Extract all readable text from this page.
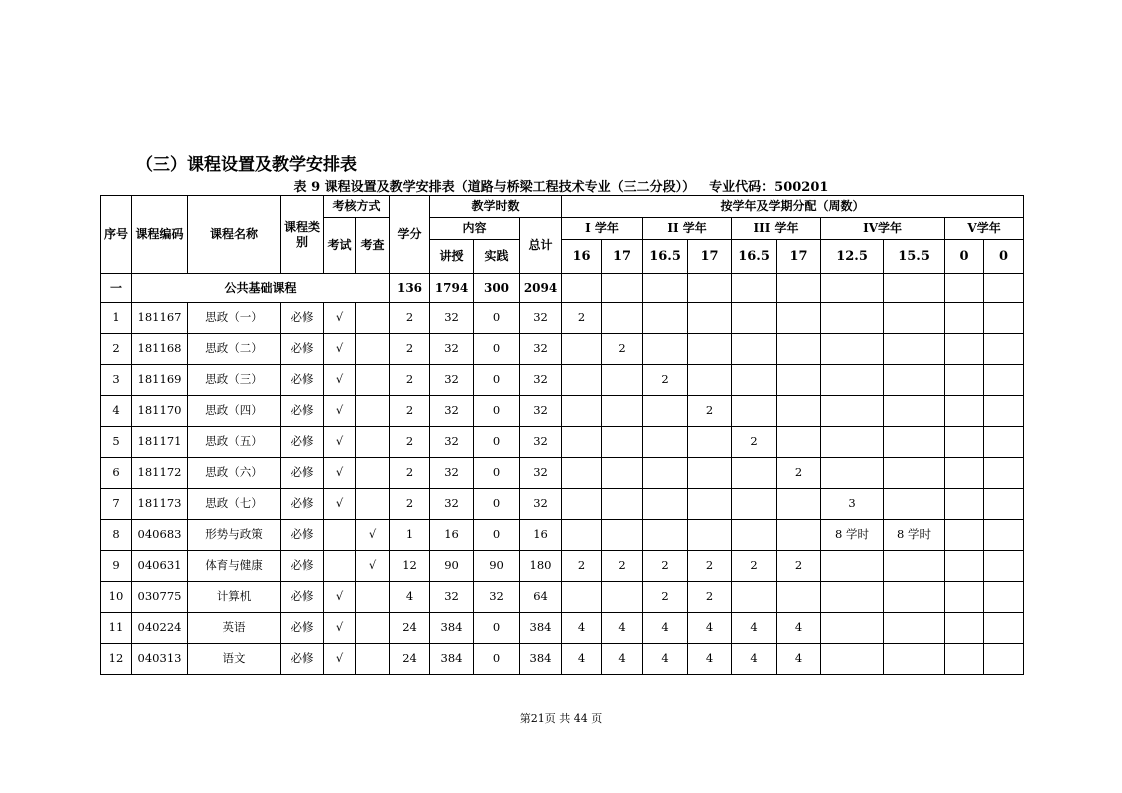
（三）课程设置及教学安排表
表 9 课程设置及教学安排表（道路与桥梁工程技术专业（三二分段）） 专业代码：500201
序号	课程编码	课程名称	课程类别	考核方式		学分	教学时数			按学年及学期分配（周数）									
				考试	考查		内容		总计	I 学年		II 学年		III 学年		IV学年		V学年	
							讲授	实践		16	17	16.5	17	16.5	17	12.5	15.5	0	0
一	公共基础课程					136	1794	300	2094										
1	181167	思政（一）	必修	√		2	32	0	32	2									
2	181168	思政（二）	必修	√		2	32	0	32		2								
3	181169	思政（三）	必修	√		2	32	0	32			2							
4	181170	思政（四）	必修	√		2	32	0	32				2						
5	181171	思政（五）	必修	√		2	32	0	32					2					
6	181172	思政（六）	必修	√		2	32	0	32						2				
7	181173	思政（七）	必修	√		2	32	0	32							3			
8	040683	形势与政策	必修		√	1	16	0	16							8 学时	8 学时		
9	040631	体育与健康	必修		√	12	90	90	180	2	2	2	2	2	2				
10	030775	计算机	必修	√		4	32	32	64			2	2						
11	040224	英语	必修	√		24	384	0	384	4	4	4	4	4	4				
12	040313	语文	必修	√		24	384	0	384	4	4	4	4	4	4				
第21页 共 44 页
